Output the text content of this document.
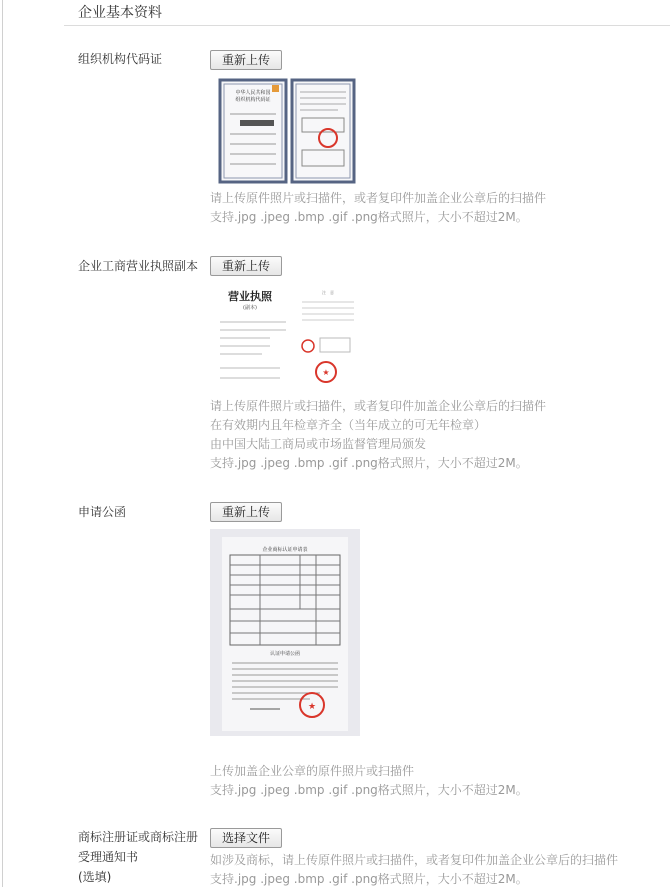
企业基本资料
组织机构代码证	重新上传
中华人民共和国
组织机构代码证
请上传原件照片或扫描件，或者复印件加盖企业公章后的扫描件
支持.jpg .jpeg .bmp .gif .png格式照片，大小不超过2M。
企业工商营业执照副本	重新上传
营业执照
(副本)
注　意
★
请上传原件照片或扫描件，或者复印件加盖企业公章后的扫描件
在有效期内且年检章齐全（当年成立的可无年检章）
由中国大陆工商局或市场监督管理局颁发
支持.jpg .jpeg .bmp .gif .png格式照片，大小不超过2M。
申请公函	重新上传
企业商标认证申请表
认证申请公函
★
上传加盖企业公章的原件照片或扫描件
支持.jpg .jpeg .bmp .gif .png格式照片，大小不超过2M。
商标注册证或商标注册
受理通知书
(选填)
选择文件
如涉及商标，请上传原件照片或扫描件，或者复印件加盖企业公章后的扫描件
支持.jpg .jpeg .bmp .gif .png格式照片，大小不超过2M。
